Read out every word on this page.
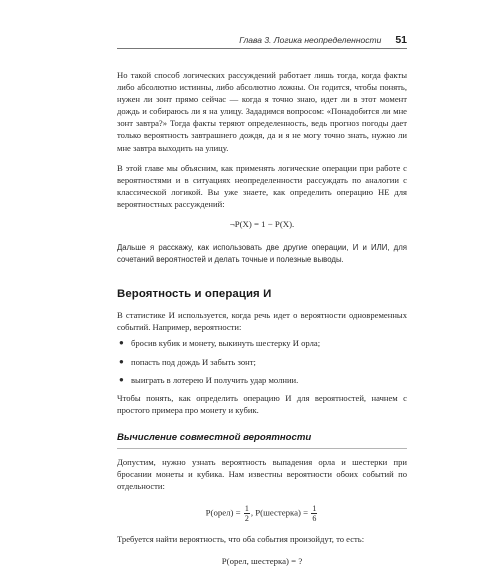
Глава 3. Логика неопределенности 51

Но такой способ логических рассуждений работает лишь тогда, когда факты либо абсолютно истинны, либо абсолютно ложны. Он годится, чтобы понять, нужен ли зонт прямо сейчас — когда я точно знаю, идет ли в этот момент дождь и собираюсь ли я на улицу. Зададимся вопросом: «Понадобится ли мне зонт завтра?» Тогда факты теряют определенность, ведь прогноз погоды дает только вероятность завтрашнего дождя, да и я не могу точно знать, нужно ли мне завтра выходить на улицу.

В этой главе мы объясним, как применять логические операции при работе с вероятностями и в ситуациях неопределенности рассуждать по аналогии с классической логикой. Вы уже знаете, как определить операцию НЕ для вероятностных рассуждений:

¬P(X) = 1 − P(X).

Дальше я расскажу, как использовать две другие операции, И и ИЛИ, для сочетаний вероятностей и делать точные и полезные выводы.

Вероятность и операция И

В статистике И используется, когда речь идет о вероятности одновременных событий. Например, вероятности:

● бросив кубик и монету, выкинуть шестерку И орла;
● попасть под дождь И забыть зонт;
● выиграть в лотерею И получить удар молнии.

Чтобы понять, как определить операцию И для вероятностей, начнем с простого примера про монету и кубик.

Вычисление совместной вероятности

Допустим, нужно узнать вероятность выпадения орла и шестерки при бросании монеты и кубика. Нам известны вероятности обоих событий по отдельности:

P(орел) = $\frac{1}{2}$ , P(шестерка) = $\frac{1}{6}$

Требуется найти вероятность, что оба события произойдут, то есть:

P(орел, шестерка) = ?
